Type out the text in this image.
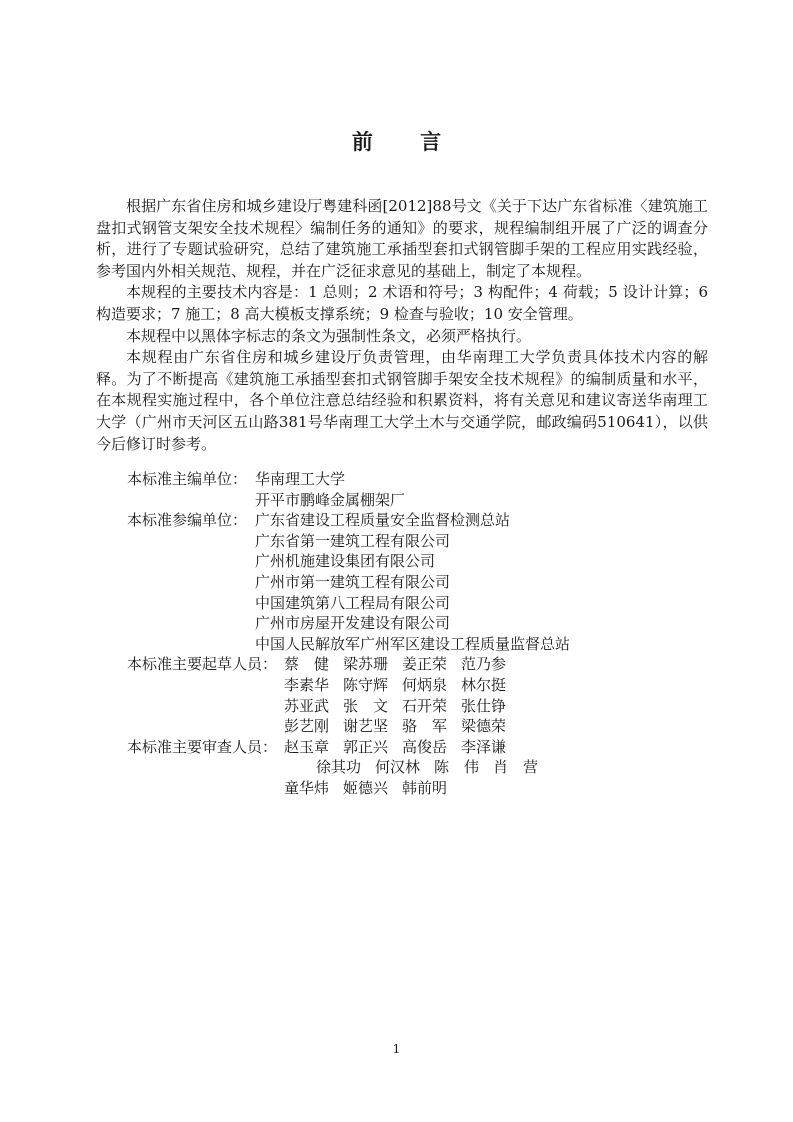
前 言

根据广东省住房和城乡建设厅粤建科函[2012]88号文《关于下达广东省标准〈建筑施工盘扣式钢管支架安全技术规程〉编制任务的通知》的要求，规程编制组开展了广泛的调查分析，进行了专题试验研究，总结了建筑施工承插型套扣式钢管脚手架的工程应用实践经验，参考国内外相关规范、规程，并在广泛征求意见的基础上，制定了本规程。

本规程的主要技术内容是：1 总则；2 术语和符号；3 构配件；4 荷载；5 设计计算；6 构造要求；7 施工；8 高大模板支撑系统；9 检查与验收；10 安全管理。

本规程中以黑体字标志的条文为强制性条文，必须严格执行。

本规程由广东省住房和城乡建设厅负责管理，由华南理工大学负责具体技术内容的解释。为了不断提高《建筑施工承插型套扣式钢管脚手架安全技术规程》的编制质量和水平，在本规程实施过程中，各个单位注意总结经验和积累资料，将有关意见和建议寄送华南理工大学（广州市天河区五山路381号华南理工大学土木与交通学院，邮政编码510641），以供今后修订时参考。

本标准主编单位： 华南理工大学
开平市鹏峰金属棚架厂
本标准参编单位： 广东省建设工程质量安全监督检测总站
广东省第一建筑工程有限公司
广州机施建设集团有限公司
广州市第一建筑工程有限公司
中国建筑第八工程局有限公司
广州市房屋开发建设有限公司
中国人民解放军广州军区建设工程质量监督总站
本标准主要起草人员： 蔡　健 梁苏珊 姜正荣 范乃参
李素华 陈守辉 何炳泉 林尔挺
苏亚武 张　文 石开荣 张仕铮
彭艺刚 谢艺坚 骆　军 梁德荣
本标准主要审查人员： 赵玉章 郭正兴 高俊岳 李泽谦
徐其功 何汉林 陈　伟 肖　营
童华炜 姬德兴 韩前明
1
